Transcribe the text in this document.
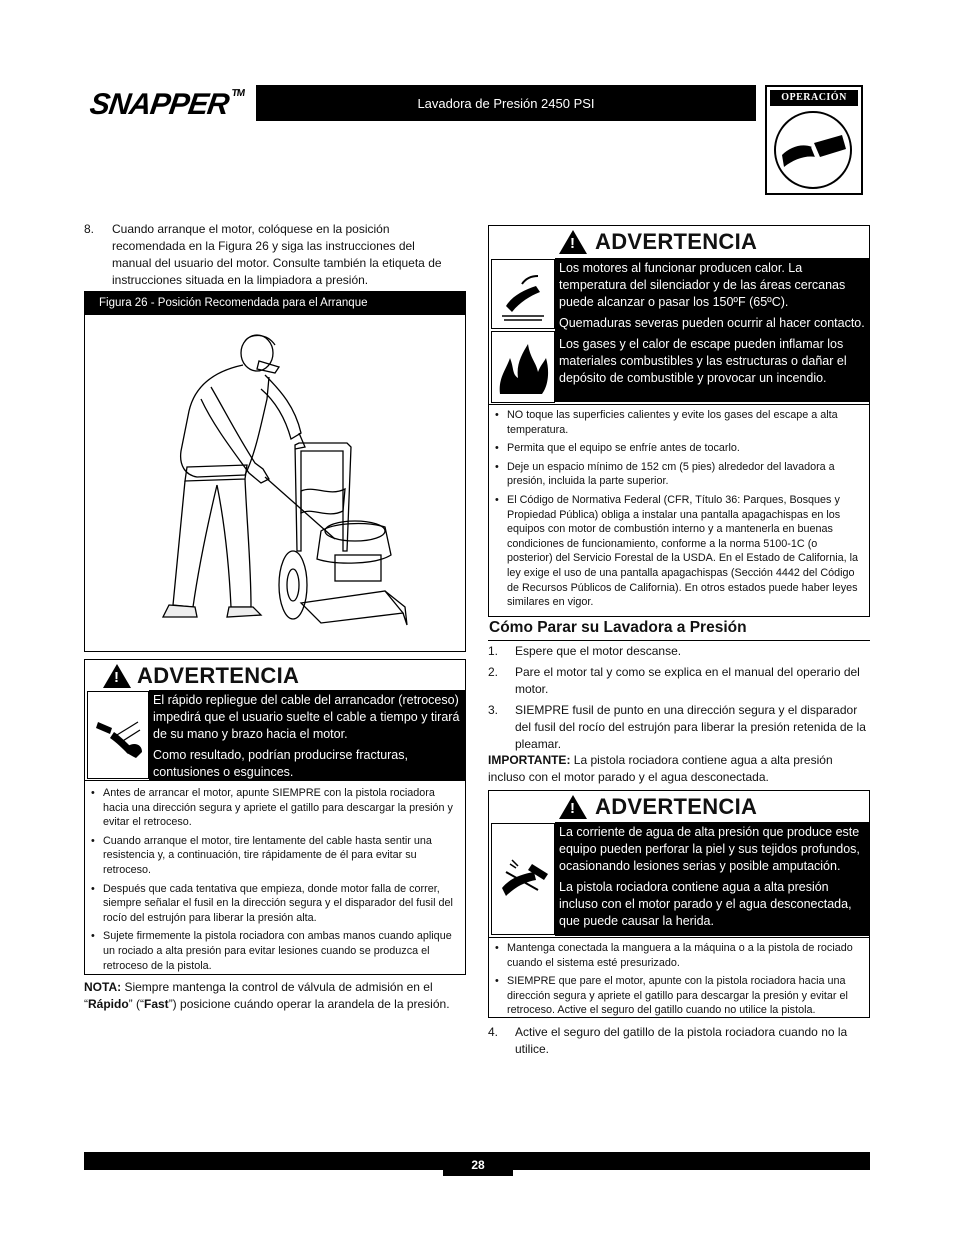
SNAPPER™
Lavadora de Presión 2450 PSI	OPERACIÓN
8.	Cuando arranque el motor, colóquese en la posición recomendada en la Figura 26 y siga las instrucciones del manual del usuario del motor. Consulte también la etiqueta de instrucciones situada en la limpiadora a presión.
Figura 26 - Posición Recomendada para el Arranque
!
ADVERTENCIA

El rápido repliegue del cable del arrancador (retroceso) impedirá que el usuario suelte el cable a tiempo y tirará de su mano y brazo hacia el motor.

Como resultado, podrían producirse fracturas, contusiones o esguinces.

• Antes de arrancar el motor, apunte SIEMPRE con la pistola rociadora hacia una dirección segura y apriete el gatillo para descargar la presión y evitar el retroceso.
• Cuando arranque el motor, tire lentamente del cable hasta sentir una resistencia y, a continuación, tire rápidamente de él para evitar su retroceso.
• Después que cada tentativa que empieza, donde motor falla de correr, siempre señalar el fusil en la dirección segura y el disparador del fusil del rocío del estrujón para liberar la presión alta.
• Sujete firmemente la pistola rociadora con ambas manos cuando aplique un rociado a alta presión para evitar lesiones cuando se produzca el retroceso de la pistola.
NOTA: Siempre mantenga la control de válvula de admisión en el “Rápido” (“Fast”) posicione cuándo operar la arandela de la presión.
!
ADVERTENCIA

Los motores al funcionar producen calor. La temperatura del silenciador y de las áreas cercanas puede alcanzar o pasar los 150ºF (65ºC).

Quemaduras severas pueden ocurrir al hacer contacto.

Los gases y el calor de escape pueden inflamar los materiales combustibles y las estructuras o dañar el depósito de combustible y provocar un incendio.

• NO toque las superficies calientes y evite los gases del escape a alta temperatura.
• Permita que el equipo se enfríe antes de tocarlo.
• Deje un espacio mínimo de 152 cm (5 pies) alrededor del lavadora a presión, incluida la parte superior.
• El Código de Normativa Federal (CFR, Título 36: Parques, Bosques y Propiedad Pública) obliga a instalar una pantalla apagachispas en los equipos con motor de combustión interno y a mantenerla en buenas condiciones de funcionamiento, conforme a la norma 5100-1C (o posterior) del Servicio Forestal de la USDA. En el Estado de California, la ley exige el uso de una pantalla apagachispas (Sección 4442 del Código de Recursos Públicos de California). En otros estados puede haber leyes similares en vigor.
Cómo Parar su Lavadora a Presión
1. Espere que el motor descanse.
2. Pare el motor tal y como se explica en el manual del operario del motor.
3. SIEMPRE fusil de punto en una dirección segura y el disparador del fusil del rocío del estrujón para liberar la presión retenida de la pleamar.
IMPORTANTE: La pistola rociadora contiene agua a alta presión incluso con el motor parado y el agua desconectada.
!
ADVERTENCIA

La corriente de agua de alta presión que produce este equipo pueden perforar la piel y sus tejidos profundos, ocasionando lesiones serias y posible amputación.

La pistola rociadora contiene agua a alta presión incluso con el motor parado y el agua desconectada, que puede causar la herida.

• Mantenga conectada la manguera a la máquina o a la pistola de rociado cuando el sistema esté presurizado.
• SIEMPRE que pare el motor, apunte con la pistola rociadora hacia una dirección segura y apriete el gatillo para descargar la presión y evitar el retroceso. Active el seguro del gatillo cuando no utilice la pistola.
4. Active el seguro del gatillo de la pistola rociadora cuando no la utilice.
28
